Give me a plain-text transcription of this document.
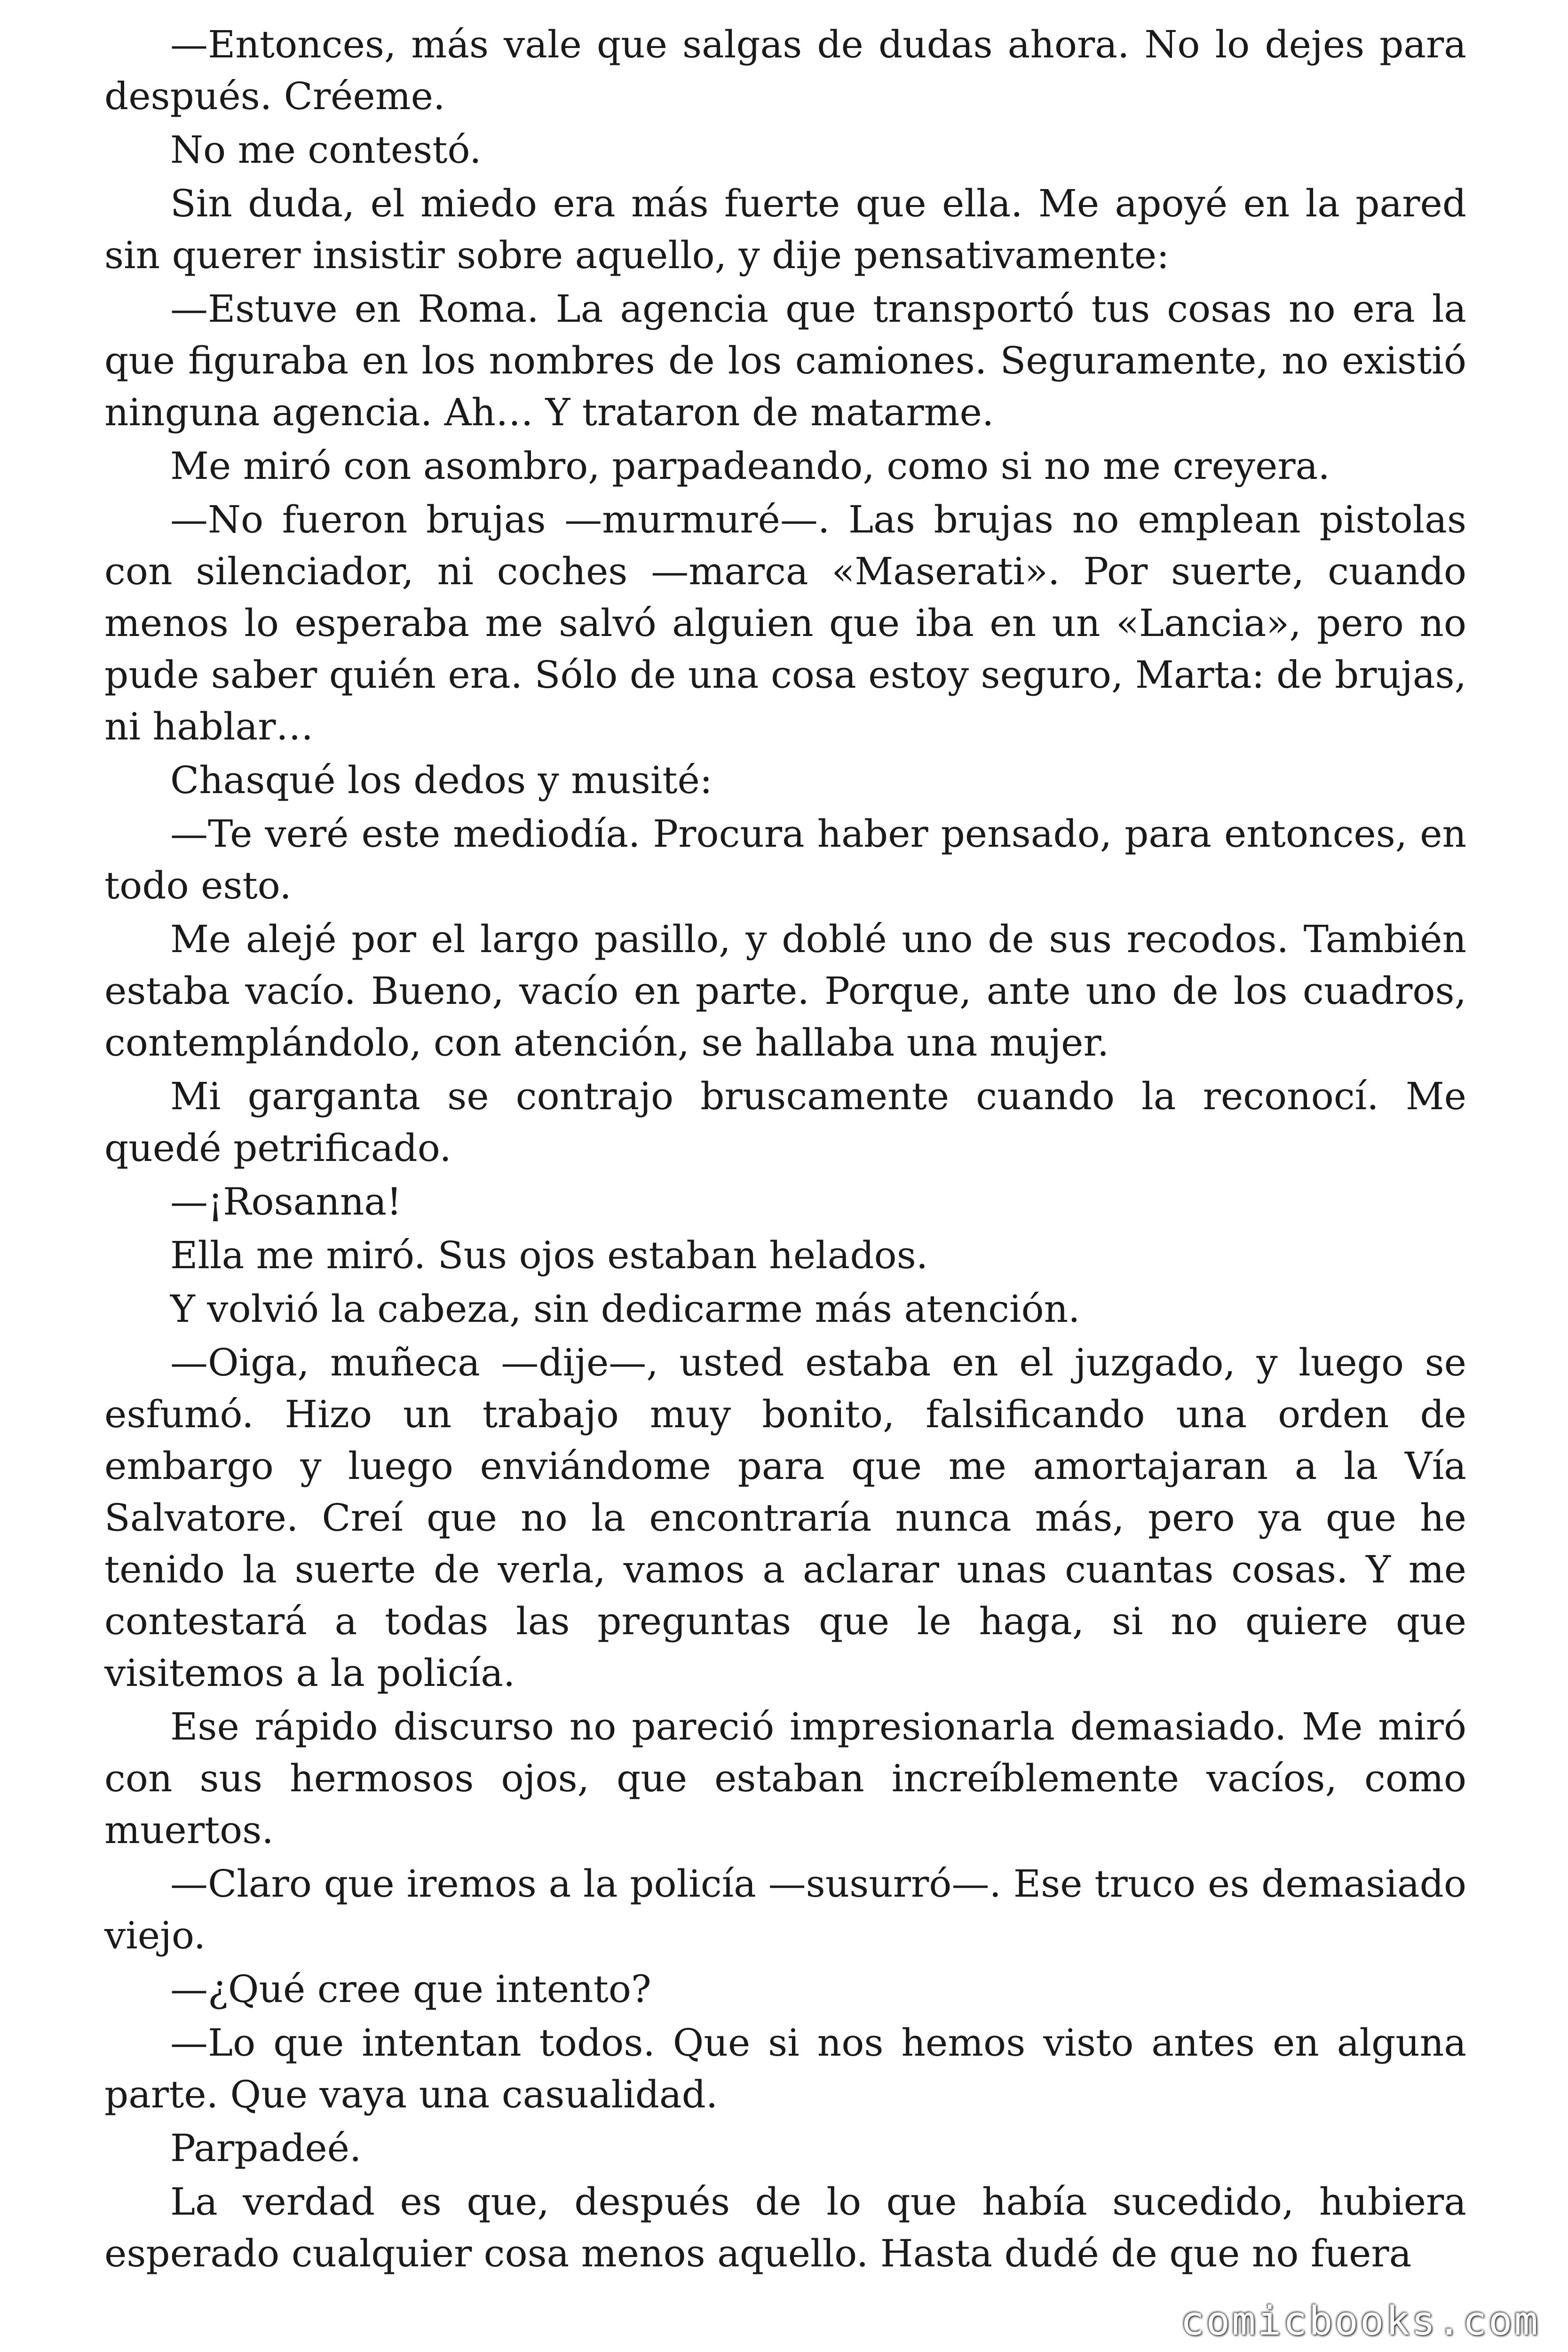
—Entonces, más vale que salgas de dudas ahora. No lo dejes para después. Créeme.

No me contestó.

Sin duda, el miedo era más fuerte que ella. Me apoyé en la pared sin querer insistir sobre aquello, y dije pensativamente:

—Estuve en Roma. La agencia que transportó tus cosas no era la que figuraba en los nombres de los camiones. Seguramente, no existió ninguna agencia. Ah… Y trataron de matarme.

Me miró con asombro, parpadeando, como si no me creyera.

—No fueron brujas —murmuré—. Las brujas no emplean pistolas con silenciador, ni coches —marca «Maserati». Por suerte, cuando menos lo esperaba me salvó alguien que iba en un «Lancia», pero no pude saber quién era. Sólo de una cosa estoy seguro, Marta: de brujas, ni hablar…

Chasqué los dedos y musité:

—Te veré este mediodía. Procura haber pensado, para entonces, en todo esto.

Me alejé por el largo pasillo, y doblé uno de sus recodos. También estaba vacío. Bueno, vacío en parte. Porque, ante uno de los cuadros, contemplándolo, con atención, se hallaba una mujer.

Mi garganta se contrajo bruscamente cuando la reconocí. Me quedé petrificado.

—¡Rosanna!

Ella me miró. Sus ojos estaban helados.

Y volvió la cabeza, sin dedicarme más atención.

—Oiga, muñeca —dije—, usted estaba en el juzgado, y luego se esfumó. Hizo un trabajo muy bonito, falsificando una orden de embargo y luego enviándome para que me amortajaran a la Vía Salvatore. Creí que no la encontraría nunca más, pero ya que he tenido la suerte de verla, vamos a aclarar unas cuantas cosas. Y me contestará a todas las preguntas que le haga, si no quiere que visitemos a la policía.

Ese rápido discurso no pareció impresionarla demasiado. Me miró con sus hermosos ojos, que estaban increíblemente vacíos, como muertos.

—Claro que iremos a la policía —susurró—. Ese truco es demasiado viejo.

—¿Qué cree que intento?

—Lo que intentan todos. Que si nos hemos visto antes en alguna parte. Que vaya una casualidad.

Parpadeé.

La verdad es que, después de lo que había sucedido, hubiera esperado cualquier cosa menos aquello. Hasta dudé de que no fuera

comicbooks.com
